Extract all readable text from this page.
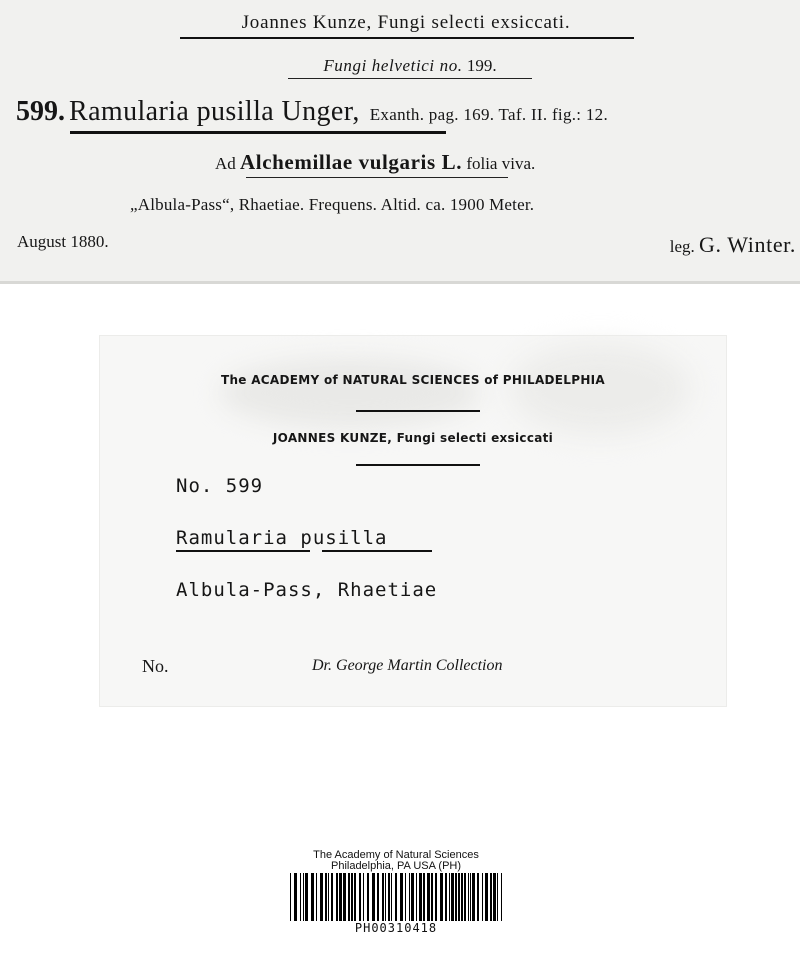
Joannes Kunze, Fungi selecti exsiccati.
Fungi helvetici no. 199.
599. Ramularia pusilla Unger, Exanth. pag. 169. Taf. II. fig.: 12.
Ad Alchemillae vulgaris L. folia viva.
„Albula-Pass“, Rhaetiae. Frequens. Altid. ca. 1900 Meter.
August 1880.	leg. G. Winter.
The ACADEMY of NATURAL SCIENCES of PHILADELPHIA
JOANNES KUNZE, Fungi selecti exsiccati
No. 599
Ramularia pusilla
Albula-Pass, Rhaetiae
No.	Dr. George Martin Collection
The Academy of Natural Sciences
Philadelphia, PA USA (PH)
PH00310418
